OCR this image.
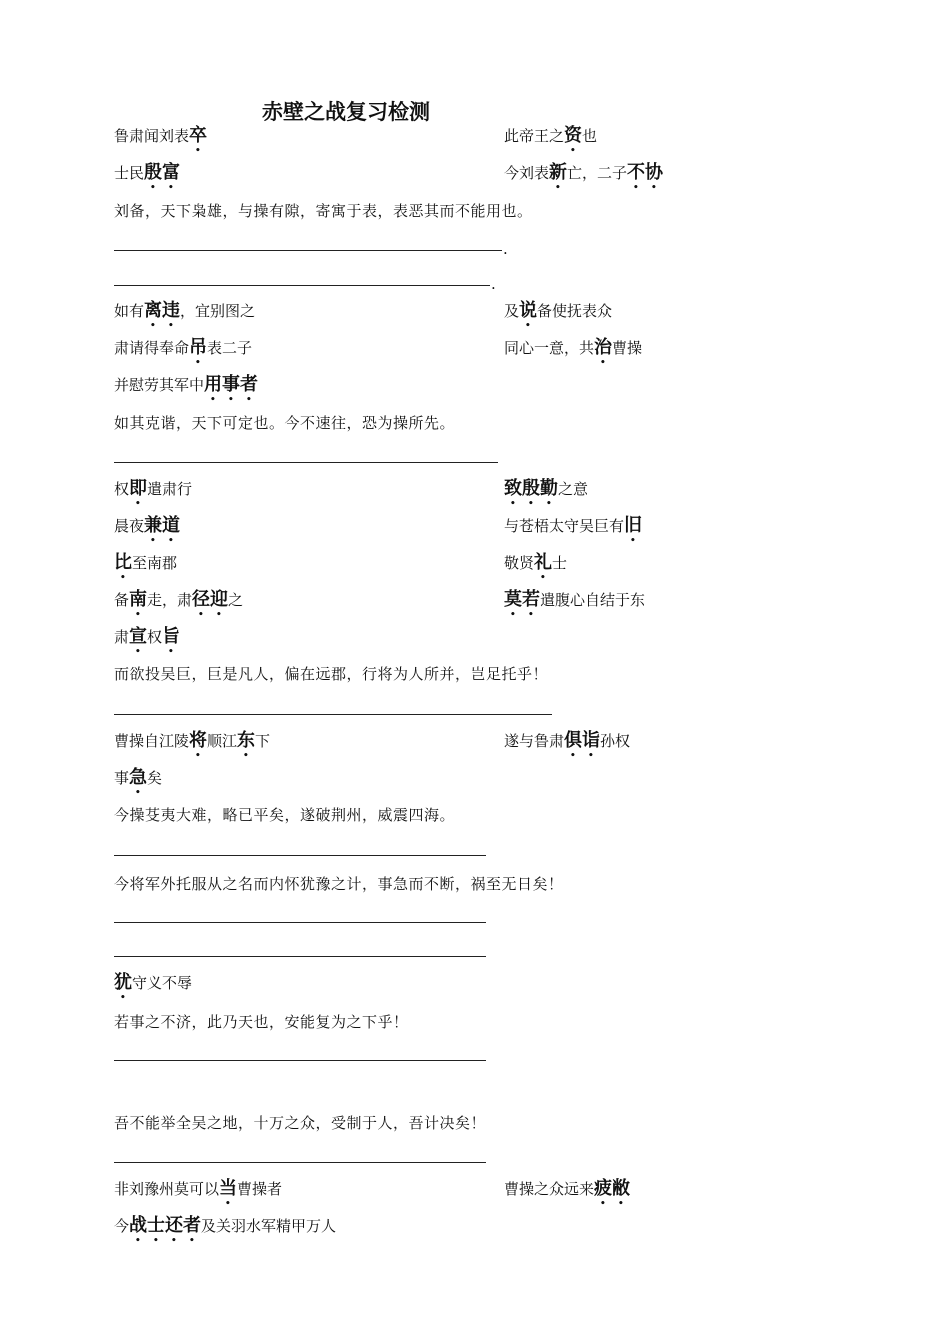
赤壁之战复习检测
鲁肃闻刘表卒	此帝王之资也
士民殷富	今刘表新亡，二子不协
刘备，天下枭雄，与操有隙，寄寓于表，表恶其而不能用也。
.
.
如有离违，宜别图之	及说备使抚表众
肃请得奉命吊表二子	同心一意，共治曹操
并慰劳其军中用事者
如其克谐，天下可定也。今不速往，恐为操所先。
权即遣肃行	致殷勤之意
晨夜兼道	与苍梧太守吴巨有旧
比至南郡	敬贤礼士
备南走，肃径迎之	莫若遣腹心自结于东
肃宣权旨
而欲投吴巨，巨是凡人，偏在远郡，行将为人所并，岂足托乎！
曹操自江陵将顺江东下	遂与鲁肃俱诣孙权
事急矣
今操芟夷大难，略已平矣，遂破荆州，威震四海。
今将军外托服从之名而内怀犹豫之计，事急而不断，祸至无日矣！
犹守义不辱
若事之不济，此乃天也，安能复为之下乎！
吾不能举全吴之地，十万之众，受制于人，吾计决矣！
非刘豫州莫可以当曹操者	曹操之众远来疲敝
今战士还者及关羽水军精甲万人
